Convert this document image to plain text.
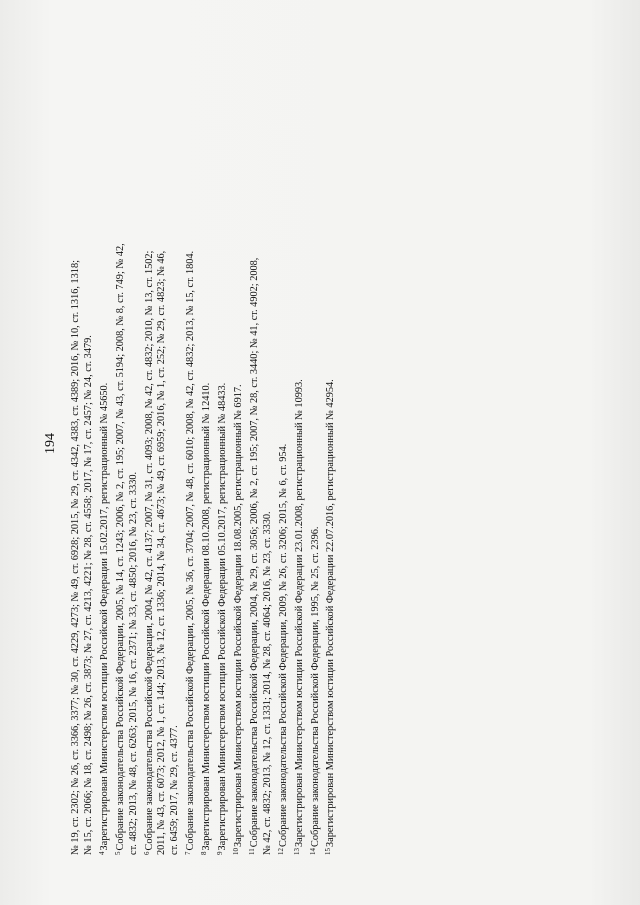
194 № 19, ст. 2302; № 26, ст. 3366, 3377; № 30, ст. 4229, 4273; № 49, ст. 6928; 2015, № 29, ст. 4342, 4383, ст. 4389; 2016, № 10, ст. 1316, 1318; № 15, ст. 2066; № 18, ст. 2498; № 26, ст. 3873; № 27, ст. 4213, 4221; № 28, ст. 4558; 2017, № 17, ст. 2457; № 24, ст. 3479. $^4$Зарегистрирован Министерством юстиции Российской Федерации 15.02.2017, регистрационный № 45650.
$^5$Собрание законодательства Российской Федерации, 2005, № 14, ст. 1243; 2006, № 2, ст. 195; 2007, № 43, ст. 5194; 2008, № 8, ст. 749; № 42, ст. 4832; 2013, № 48, ст. 6263; 2015, № 16, ст. 2371; № 33, ст. 4850; 2016, № 23, ст. 3330. $^6$Собрание законодательства Российской Федерации, 2004, № 42, ст. 4137; 2007, № 31, ст. 4093; 2008, № 42, ст. 4832; 2010, № 13, ст. 1502; 2011, № 43, ст. 6073; 2012, № 1, ст. 144; 2013, № 12, ст. 1336; 2014, № 34, ст. 4673; № 49, ст. 6959; 2016, № 1, ст. 252; № 29, ст. 4823; № 46, ст. 6459; 2017, № 29, ст. 4377. $^7$Собрание законодательства Российской Федерации, 2005, № 36, ст. 3704; 2007, № 48, ст. 6010; 2008, № 42, ст. 4832; 2013, № 15, ст. 1804.
$^8$Зарегистрирован Министерством юстиции Российской Федерации 08.10.2008, регистрационный № 12410.
$^9$Зарегистрирован Министерством юстиции Российской Федерации 05.10.2017, регистрационный № 48433.
$^{10}$Зарегистрирован Министерством юстиции Российской Федерации 18.08.2005, регистрационный № 6917.
$^{11}$Собрание законодательства Российской Федерации, 2004, № 29, ст. 3056; 2006, № 2, ст. 195; 2007, № 28, ст. 3440; № 41, ст. 4902; 2008, № 42, ст. 4832; 2013, № 12, ст. 1331; 2014, № 28, ст. 4064; 2016, № 23, ст. 3330. $^{12}$Собрание законодательства Российской Федерации, 2009, № 26, ст. 3206; 2015, № 6, ст. 954.
$^{13}$Зарегистрирован Министерством юстиции Российской Федерации 23.01.2008, регистрационный № 10993.
$^{14}$Собрание законодательства Российской Федерации, 1995, № 25, ст. 2396.
$^{15}$Зарегистрирован Министерством юстиции Российской Федерации 22.07.2016, регистрационный № 42954.
